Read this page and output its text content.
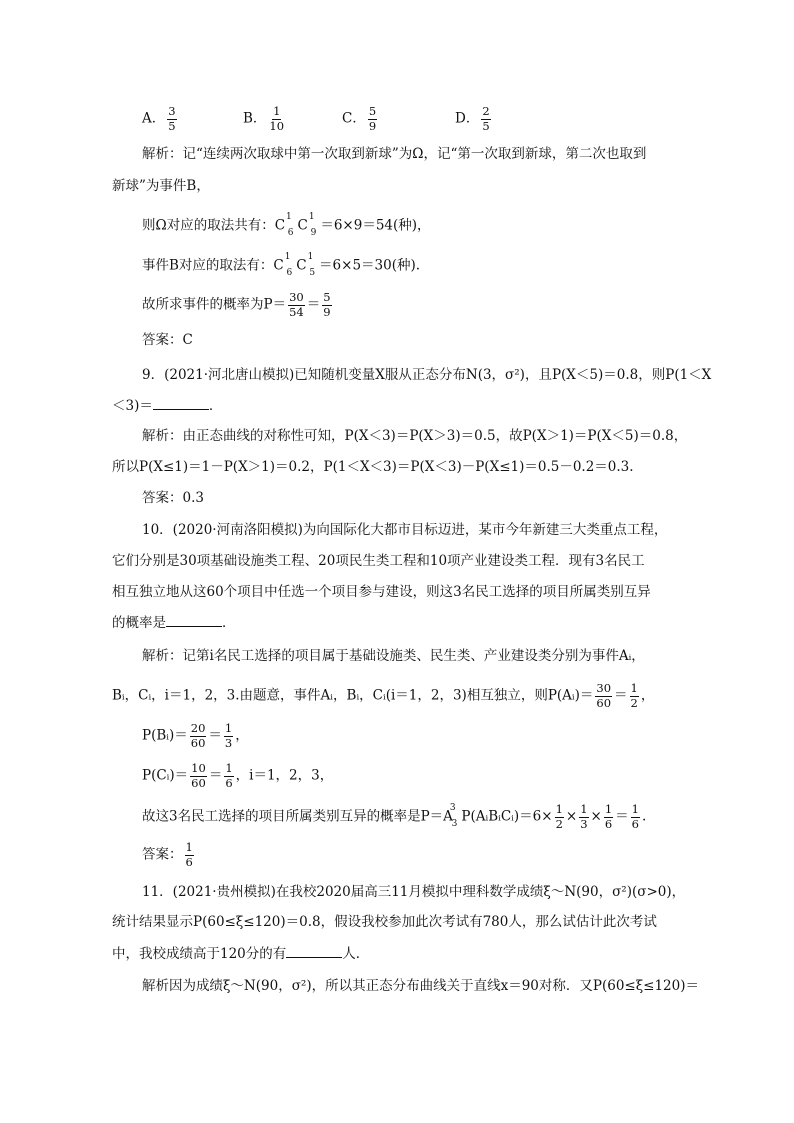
A． $\frac{3}{5}$	B． $\frac{1}{10}$	C． $\frac{5}{9}$	D． $\frac{2}{5}$
解析：记“连续两次取球中第一次取到新球”为Ω，记“第一次取到新球，第二次也取到
新球”为事件B，
则Ω对应的取法共有：$C^1_6$ $C^1_9 =6\times 9=54$(种)，
事件B对应的取法有：$C^1_6$ $C^1_5 =6\times 5=30$(种).
故所求事件的概率为$P= \frac{30}{54} = \frac{5}{9}$
答案：C
9．(2021·河北唐山模拟)已知随机变量X服从正态分布N(3，σ²)，且P(X＜5)＝0.8，则P(1＜X
＜3)＝	．
解析：由正态曲线的对称性可知，P(X＜3)＝P(X＞3)＝0.5，故P(X＞1)＝P(X＜5)＝0.8，
所以P(X≤1)＝1－P(X＞1)＝0.2，P(1＜X＜3)＝P(X＜3)－P(X≤1)＝0.5－0.2＝0.3.
答案：0.3
10．(2020·河南洛阳模拟)为向国际化大都市目标迈进，某市今年新建三大类重点工程，
它们分别是30项基础设施类工程、20项民生类工程和10项产业建设类工程．现有3名民工
相互独立地从这60个项目中任选一个项目参与建设，则这3名民工选择的项目所属类别互异
的概率是	．
解析：记第i名民工选择的项目属于基础设施类、民生类、产业建设类分别为事件Aᵢ，
Bᵢ，Cᵢ，i＝1，2，3.由题意，事件Aᵢ，Bᵢ，Cᵢ(i＝1，2，3)相互独立，则P(Aᵢ)＝ $\frac{30}{60} = \frac{1}{2}$ ，
P(Bᵢ)＝ $\frac{20}{60} = \frac{1}{3}$ ，
P(Cᵢ)＝ $\frac{10}{60} = \frac{1}{6}$ ，i＝1，2，3，
故这3名民工选择的项目所属类别互异的概率是$P=A^3_3$ P(AᵢBᵢCᵢ)＝6× $\frac{1}{2} \times \frac{1}{3} \times \frac{1}{6} = \frac{1}{6}$ .
答案： $\frac{1}{6}$
11．(2021·贵州模拟)在我校2020届高三11月模拟中理科数学成绩ξ～N(90，σ²)(σ>0)，
统计结果显示P(60≤ξ≤120)＝0.8，假设我校参加此次考试有780人，那么试估计此次考试
中，我校成绩高于120分的有	人．
解析因为成绩ξ～N(90，σ²)，所以其正态分布曲线关于直线x＝90对称．又P(60≤ξ≤120)＝
